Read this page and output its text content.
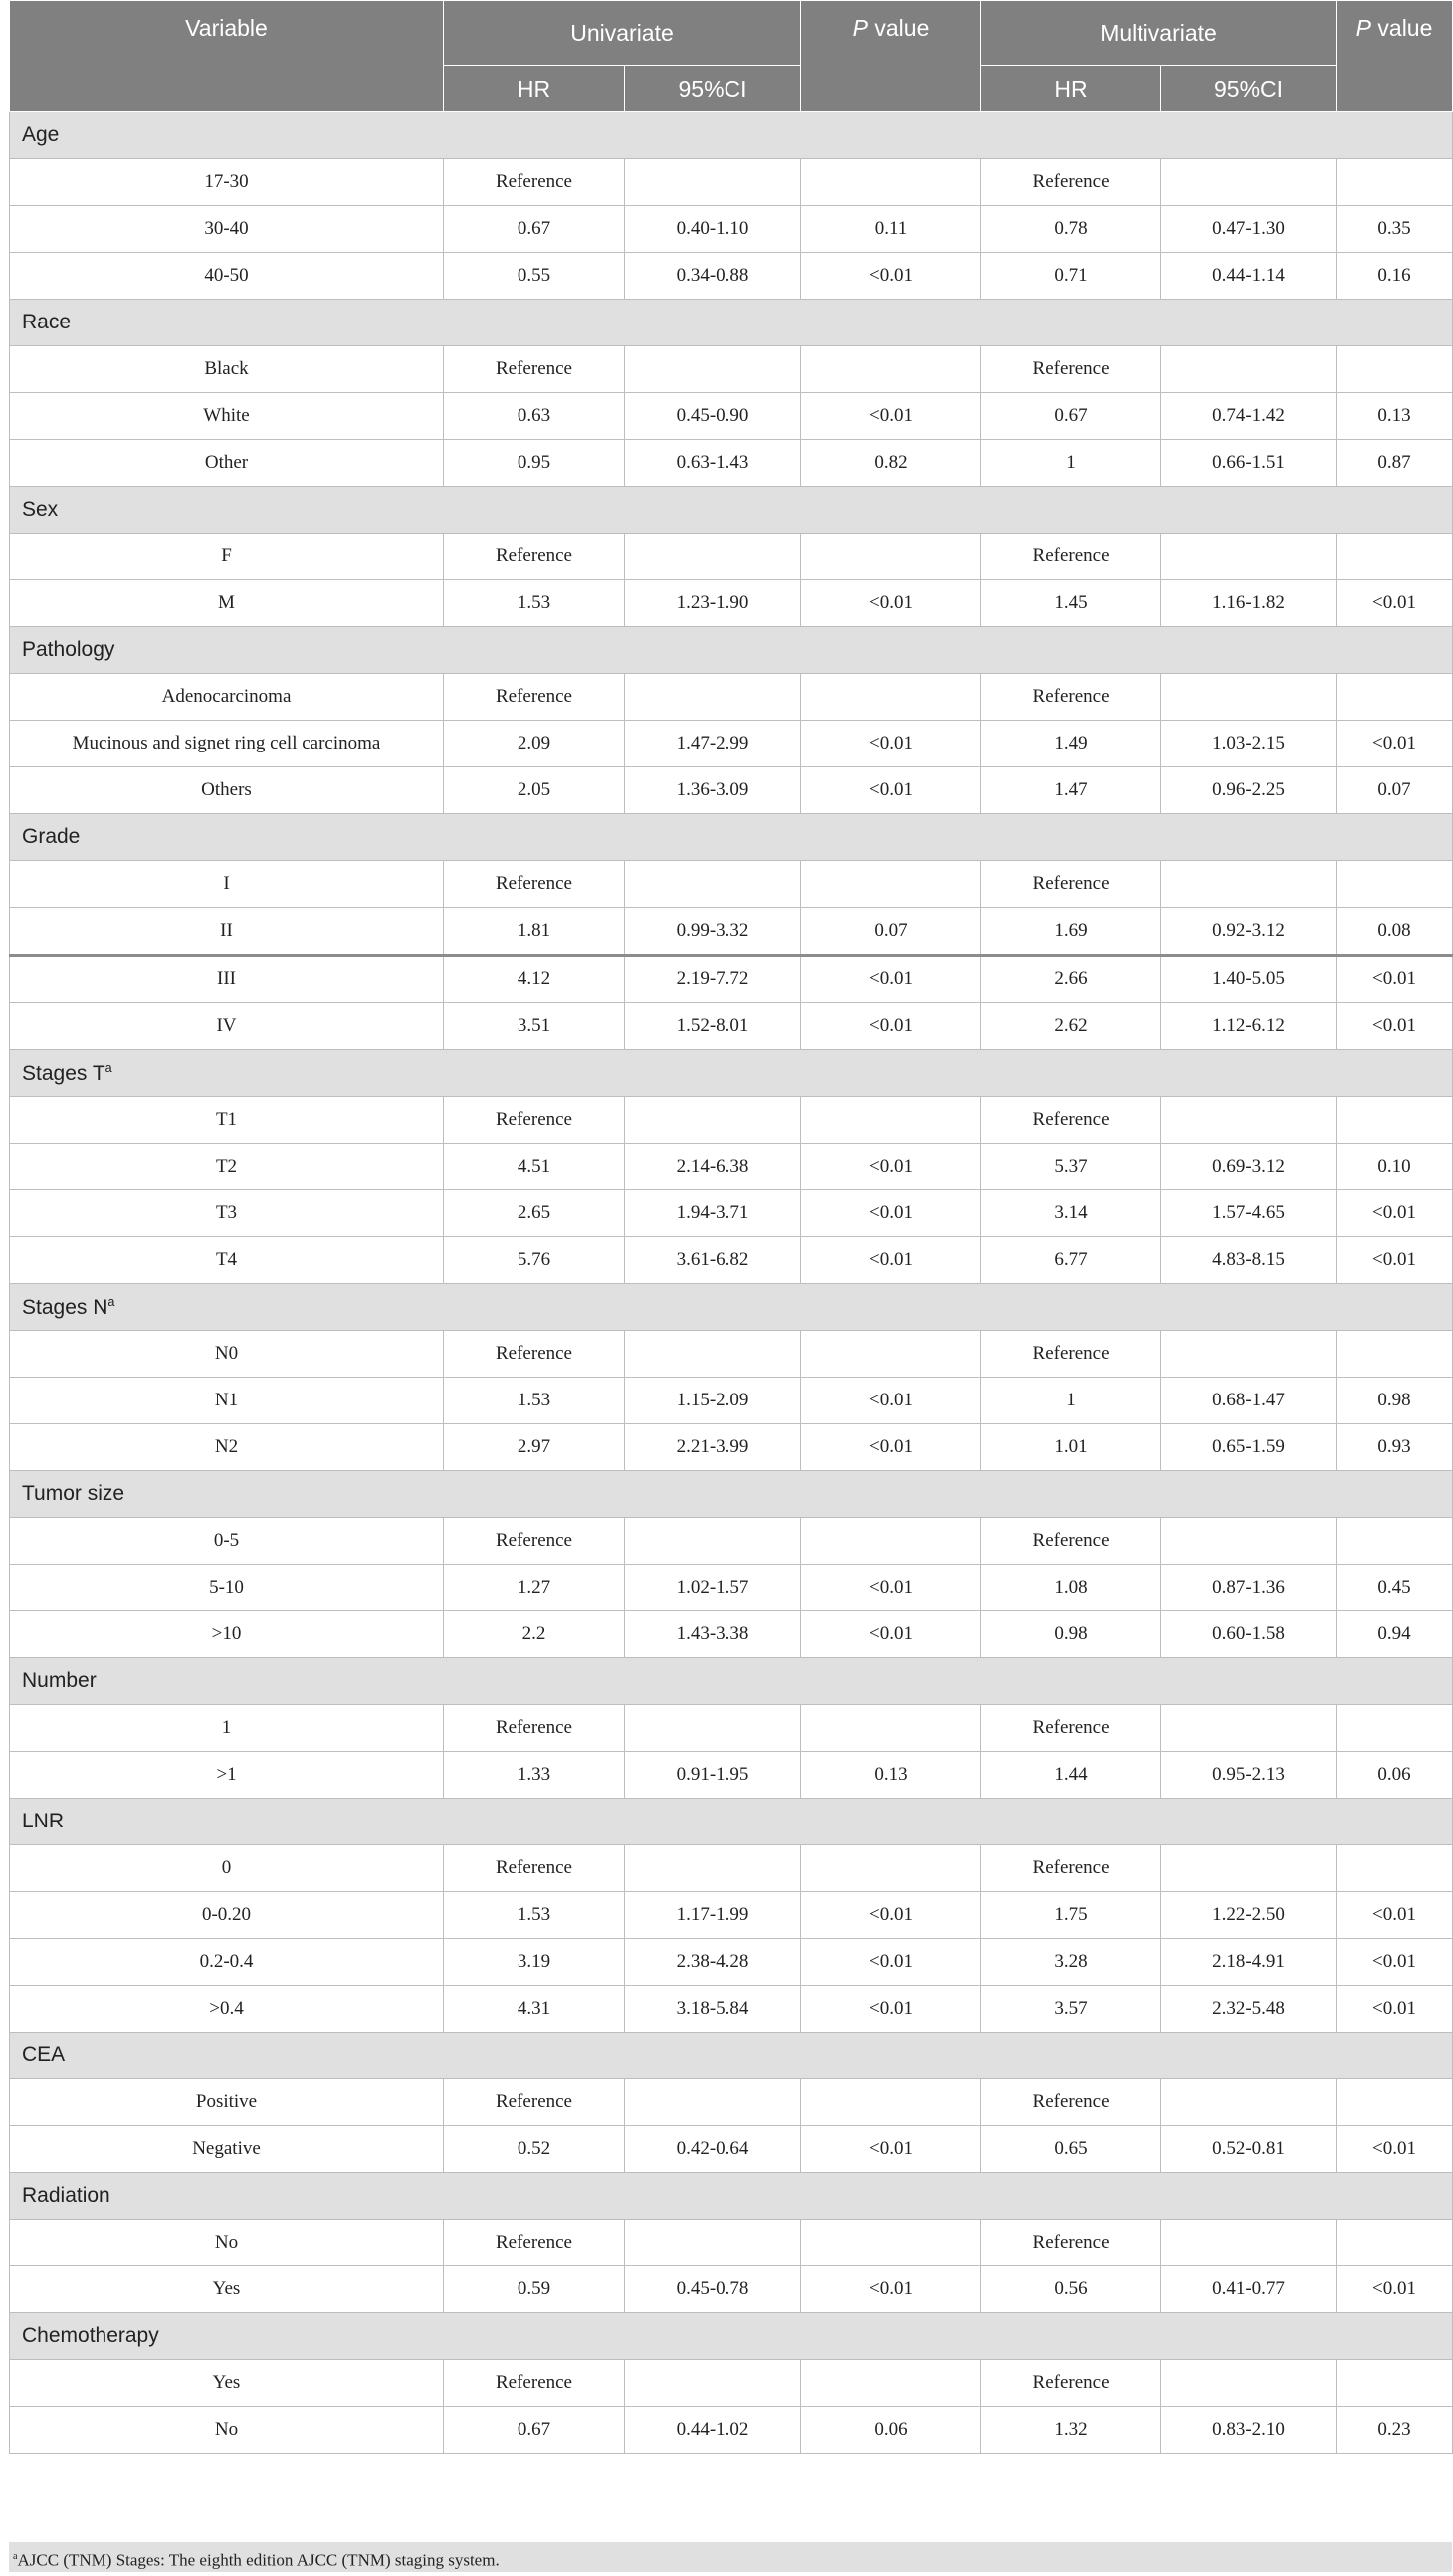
Variable	Univariate		P value	Multivariate		P value
	HR	95%CI		HR	95%CI	
Age						
17-30	Reference			Reference		
30-40	0.67	0.40-1.10	0.11	0.78	0.47-1.30	0.35
40-50	0.55	0.34-0.88	<0.01	0.71	0.44-1.14	0.16
Race						
Black	Reference			Reference		
White	0.63	0.45-0.90	<0.01	0.67	0.74-1.42	0.13
Other	0.95	0.63-1.43	0.82	1	0.66-1.51	0.87
Sex						
F	Reference			Reference		
M	1.53	1.23-1.90	<0.01	1.45	1.16-1.82	<0.01
Pathology						
Adenocarcinoma	Reference			Reference		
Mucinous and signet ring cell carcinoma	2.09	1.47-2.99	<0.01	1.49	1.03-2.15	<0.01
Others	2.05	1.36-3.09	<0.01	1.47	0.96-2.25	0.07
Grade						
I	Reference			Reference		
II	1.81	0.99-3.32	0.07	1.69	0.92-3.12	0.08
III	4.12	2.19-7.72	<0.01	2.66	1.40-5.05	<0.01
IV	3.51	1.52-8.01	<0.01	2.62	1.12-6.12	<0.01
Stages $T^a$
T1	Reference			Reference		
T2	4.51	2.14-6.38	<0.01	5.37	0.69-3.12	0.10
T3	2.65	1.94-3.71	<0.01	3.14	1.57-4.65	<0.01
T4	5.76	3.61-6.82	<0.01	6.77	4.83-8.15	<0.01
Stages $N^a$
N0	Reference			Reference		
N1	1.53	1.15-2.09	<0.01	1	0.68-1.47	0.98
N2	2.97	2.21-3.99	<0.01	1.01	0.65-1.59	0.93
Tumor size						
0-5	Reference			Reference		
5-10	1.27	1.02-1.57	<0.01	1.08	0.87-1.36	0.45
>10	2.2	1.43-3.38	<0.01	0.98	0.60-1.58	0.94
Number						
1	Reference			Reference		
>1	1.33	0.91-1.95	0.13	1.44	0.95-2.13	0.06
LNR						
0	Reference			Reference		
0-0.20	1.53	1.17-1.99	<0.01	1.75	1.22-2.50	<0.01
0.2-0.4	3.19	2.38-4.28	<0.01	3.28	2.18-4.91	<0.01
>0.4	4.31	3.18-5.84	<0.01	3.57	2.32-5.48	<0.01
CEA						
Positive	Reference			Reference		
Negative	0.52	0.42-0.64	<0.01	0.65	0.52-0.81	<0.01
Radiation						
No	Reference			Reference		
Yes	0.59	0.45-0.78	<0.01	0.56	0.41-0.77	<0.01
Chemotherapy						
Yes	Reference			Reference		
No	0.67	0.44-1.02	0.06	1.32	0.83-2.10	0.23
$^a$AJCC (TNM) Stages: The eighth edition AJCC (TNM) staging system.
